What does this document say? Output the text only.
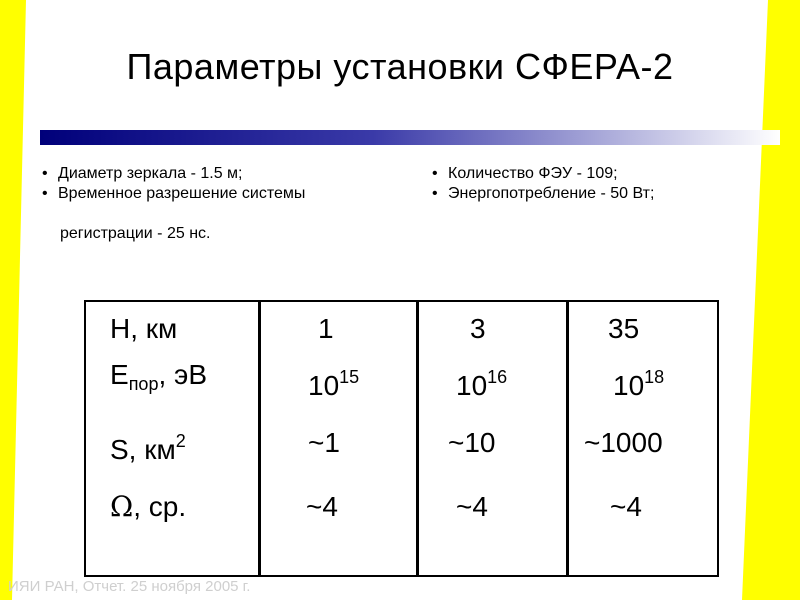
Параметры установки СФЕРА-2
• Диаметр зеркала - 1.5 м;
• Временное разрешение системы
регистрации - 25 нс.
• Количество ФЭУ - 109;
• Энергопотребление - 50 Вт;
H, км	1	3	35
$E_{пор}$, эВ	$10^{15}$	$10^{16}$	$10^{18}$
S, $км^2$	~1	~10	~1000
Ω, ср.	~4	~4	~4
ИЯИ РАН, Отчет. 25 ноября 2005 г.
